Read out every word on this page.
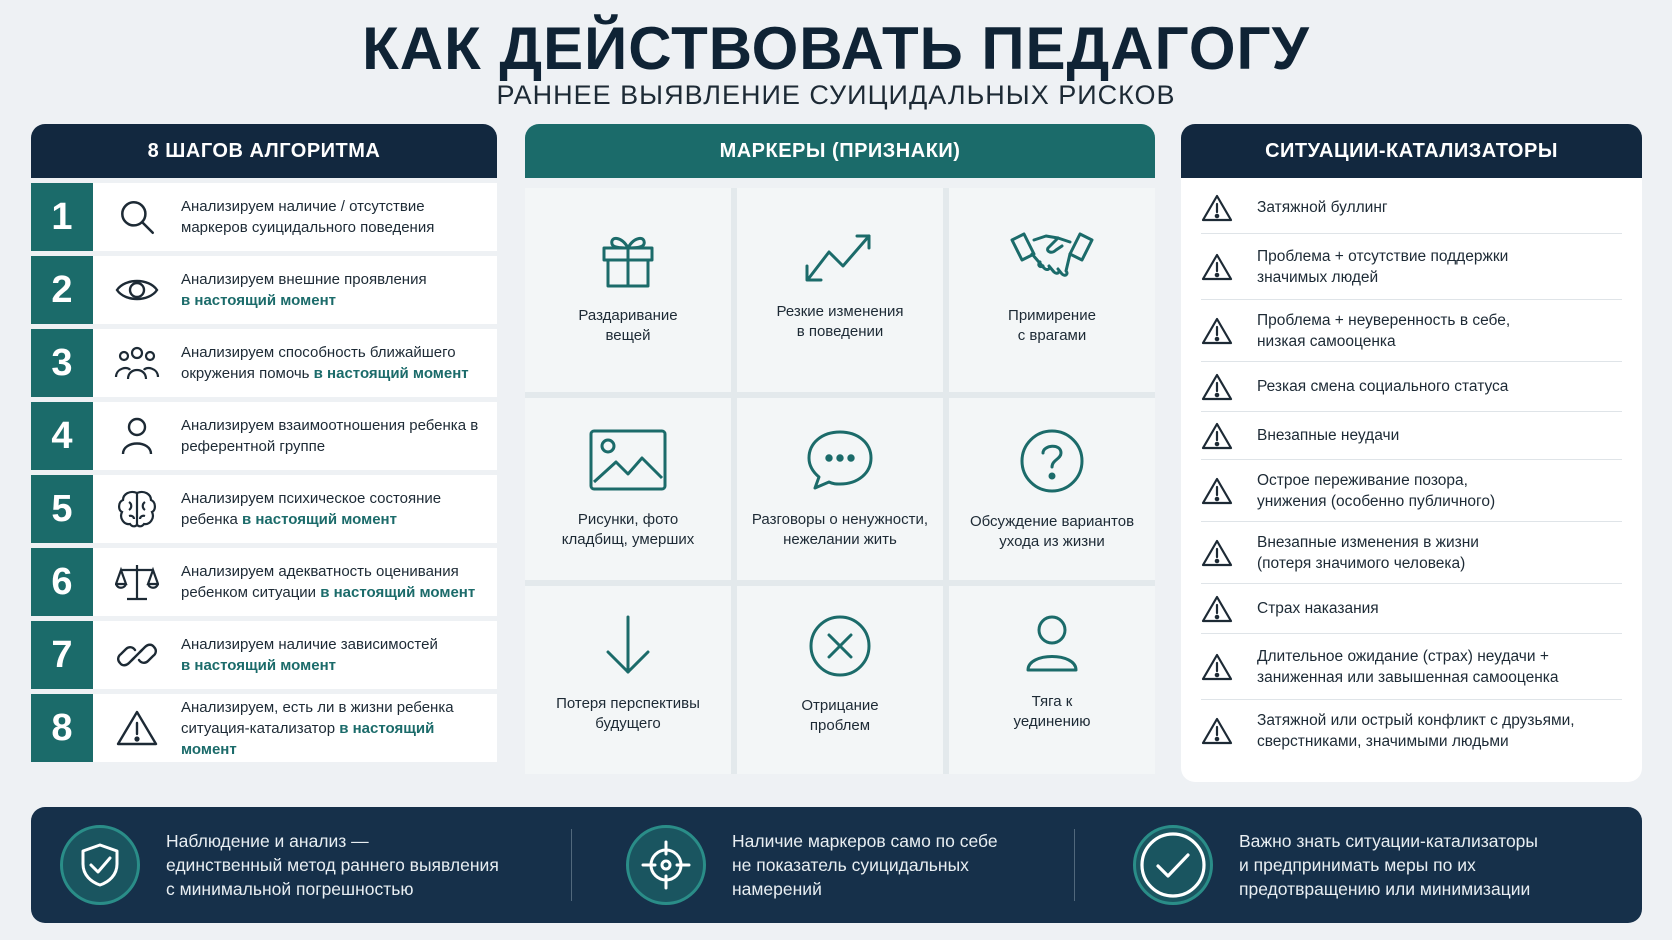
КАК ДЕЙСТВОВАТЬ ПЕДАГОГУ
РАННЕЕ ВЫЯВЛЕНИЕ СУИЦИДАЛЬНЫХ РИСКОВ
8 ШАГОВ АЛГОРИТМА
1	Анализируем наличие / отсутствие маркеров суицидального поведения
2	Анализируем внешние проявления
в настоящий момент
3	Анализируем способность ближайшего окружения помочь в настоящий момент
4	Анализируем взаимоотношения ребенка в референтной группе
5	Анализируем психическое состояние ребенка в настоящий момент
6	Анализируем адекватность оценивания ребенком ситуации в настоящий момент
7	Анализируем наличие зависимостей
в настоящий момент
8	Анализируем, есть ли в жизни ребенка ситуация-катализатор в настоящий момент
МАРКЕРЫ (ПРИЗНАКИ)
Раздаривание
вещей
Резкие изменения
в поведении
Примирение
с врагами
Рисунки, фото
кладбищ, умерших
Разговоры о ненужности,
нежелании жить
Обсуждение вариантов
ухода из жизни
Потеря перспективы
будущего
Отрицание
проблем
Тяга к
уединению
СИТУАЦИИ-КАТАЛИЗАТОРЫ
Затяжной буллинг
Проблема + отсутствие поддержки
значимых людей
Проблема + неуверенность в себе,
низкая самооценка
Резкая смена социального статуса
Внезапные неудачи
Острое переживание позора,
унижения (особенно публичного)
Внезапные изменения в жизни
(потеря значимого человека)
Страх наказания
Длительное ожидание (страх) неудачи +
заниженная или завышенная самооценка
Затяжной или острый конфликт с друзьями,
сверстниками, значимыми людьми
Наблюдение и анализ —
единственный метод раннего выявления
с минимальной погрешностью
Наличие маркеров само по себе
не показатель суицидальных
намерений
Важно знать ситуации-катализаторы
и предпринимать меры по их
предотвращению или минимизации
